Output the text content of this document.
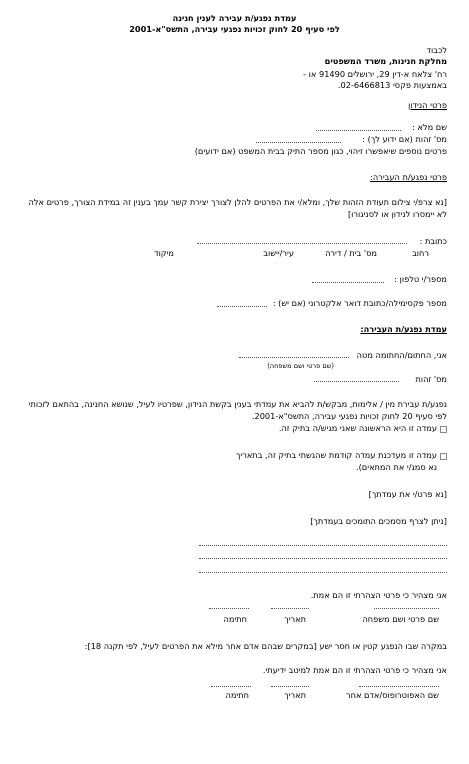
עמדת נפגע/ת עבירה לענין חנינה
לפי סעיף 20 לחוק זכויות נפגעי עבירה, התשס"א-2001
לכבוד
מחלקת חנינות, משרד המשפטים
רח' צלאח א-דין 29, ירושלים 91490 או -
באמצעות פקסי 02-6466813.
פרטי הנידון
שם מלא :
מס' זהות (אם ידוע לך) :
פרטים נוספים שיאפשרו זיהוי, כגון מספר התיק בבית המשפט (אם ידועים)
פרטי נפגע/ת העבירה:
[נא צרפ/י צילום תעודת הזהות שלך, ומלא/י את הפרטים להלן לצורך יצירת קשר עמך בענין זה במידת הצורך, פרטים אלה לא יימסרו לנידון או לסניגורו]
כתובת :
רחוב
מס' בית / דירה
עיר/יישוב
מיקוד
מספר/י טלפון :
מספר פקסימילה/כתובת דואר אלקטרוני (אם יש) :
עמדת נפגע/ת העבירה:
אני, החתום/החתומה מטה
(שם פרטי ושם משפחה)
מס' זהות
נפגע/ת עבירת מין / אלימות, מבקש/ת להביא את עמדתי בענין בקשת הנידון, שפרטיו לעיל, שנושא החנינה, בהתאם לזכותי לפי סעיף 20 לחוק זכויות נפגעי עבירה, התשס"א-2001.
עמדה זו היא הראשונה שאני מגיש/ה בתיק זה.
עמדה זו מעדכנת עמדה קודמת שהגשתי בתיק זה, בתאריך
נא סמנ/י את המתאים).
[נא פרט/י את עמדתך]
[ניתן לצרף מסמכים התומכים בעמדתך]
אני מצהיר כי פרטי הצהרתי זו הם אמת.
שם פרטי ושם משפחה
תאריך
חתימה
במקרה שבו הנפגע קטין או חסר ישע [במקרים שבהם אדם אחר מילא את הפרטים לעיל, לפי תקנה 18]:
אני מצהיר כי פרטי הצהרתי זו הם אמת למיטב ידיעתי.
שם האפוטרופוס/אדם אחר
תאריך
חתימה
